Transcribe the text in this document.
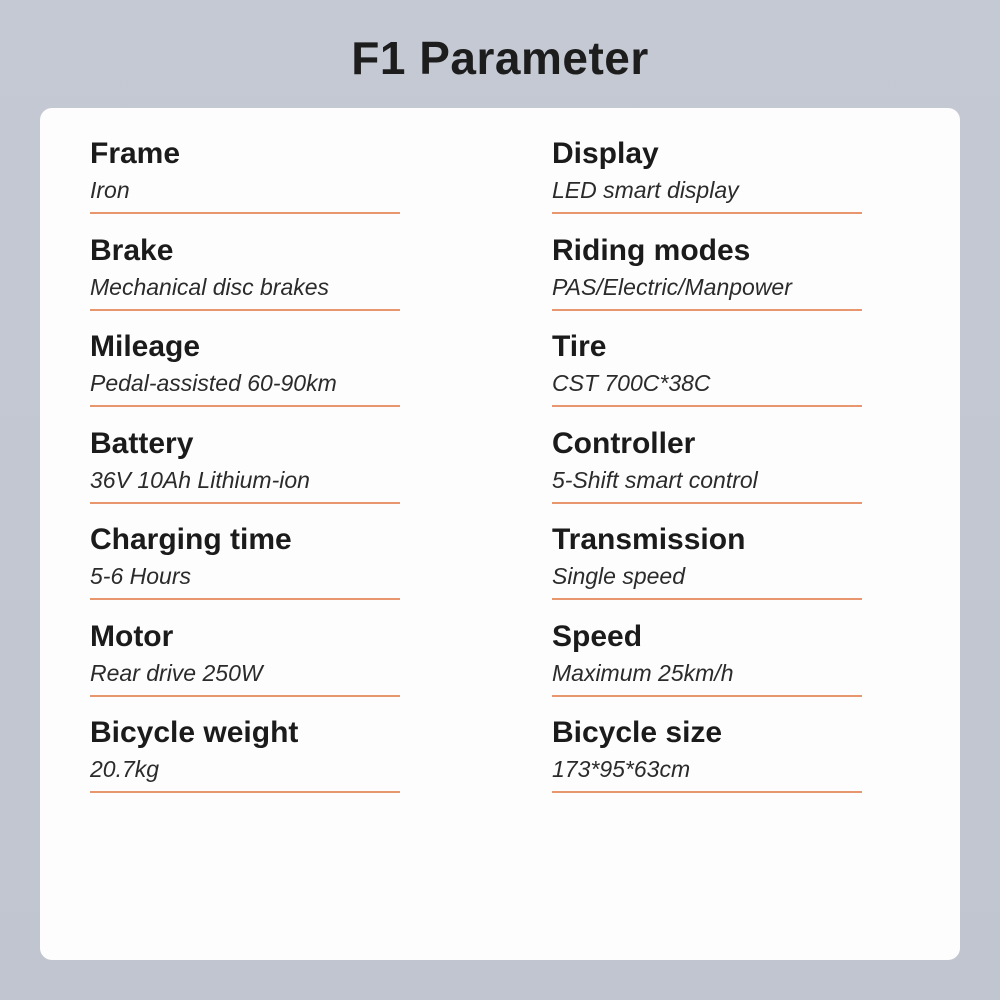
F1 Parameter
Frame
Iron
Brake
Mechanical disc brakes
Mileage
Pedal-assisted 60-90km
Battery
36V 10Ah Lithium-ion
Charging time
5-6 Hours
Motor
Rear drive 250W
Bicycle weight
20.7kg
Display
LED smart display
Riding modes
PAS/Electric/Manpower
Tire
CST 700C*38C
Controller
5-Shift smart control
Transmission
Single speed
Speed
Maximum 25km/h
Bicycle size
173*95*63cm
